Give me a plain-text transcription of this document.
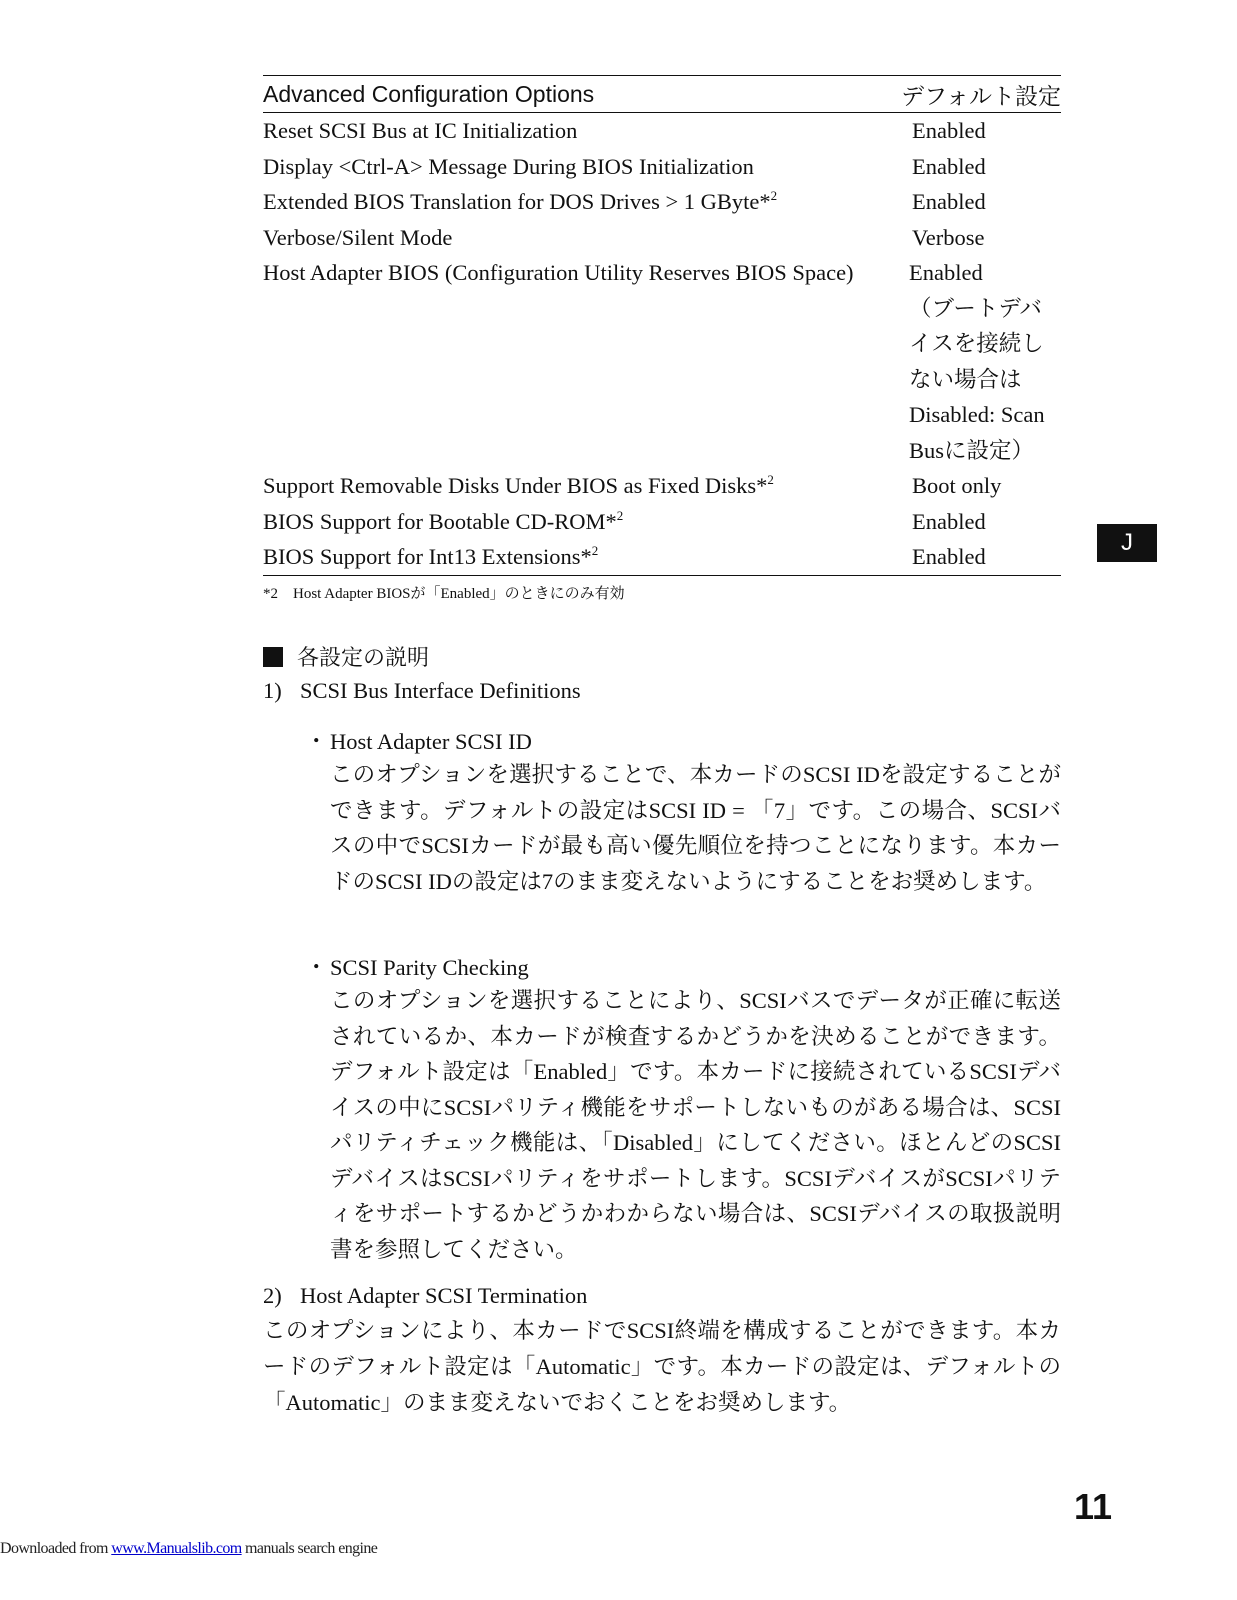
Advanced Configuration Options	デフォルト設定
Reset SCSI Bus at IC Initialization	Enabled
Display <Ctrl-A> Message During BIOS Initialization	Enabled
Extended BIOS Translation for DOS Drives > 1 GByte*$^2$	Enabled
Verbose/Silent Mode	Verbose
Host Adapter BIOS (Configuration Utility Reserves BIOS Space)	Enabled
（ブートデバイスを接続しない場合はDisabled: Scan Busに設定）
Support Removable Disks Under BIOS as Fixed Disks*$^2$	Boot only
BIOS Support for Bootable CD-ROM*$^2$	Enabled
BIOS Support for Int13 Extensions*$^2$	Enabled
*2　Host Adapter BIOSが「Enabled」のときにのみ有効
各設定の説明
1) SCSI Bus Interface Definitions
・ Host Adapter SCSI ID
このオプションを選択することで、本カードのSCSI IDを設定することができます。デフォルトの設定はSCSI ID = 「7」です。この場合、SCSIバスの中でSCSIカードが最も高い優先順位を持つことになります。本カードのSCSI IDの設定は7のまま変えないようにすることをお奨めします。
・ SCSI Parity Checking
このオプションを選択することにより、SCSIバスでデータが正確に転送されているか、本カードが検査するかどうかを決めることができます。デフォルト設定は「Enabled」です。本カードに接続されているSCSIデバイスの中にSCSIパリティ機能をサポートしないものがある場合は、SCSIパリティチェック機能は、「Disabled」にしてください。ほとんどのSCSIデバイスはSCSIパリティをサポートします。SCSIデバイスがSCSIパリティをサポートするかどうかわからない場合は、SCSIデバイスの取扱説明書を参照してください。
2) Host Adapter SCSI Termination
このオプションにより、本カードでSCSI終端を構成することができます。本カードのデフォルト設定は「Automatic」です。本カードの設定は、デフォルトの「Automatic」のまま変えないでおくことをお奨めします。
J
11
Downloaded from www.Manualslib.com manuals search engine
